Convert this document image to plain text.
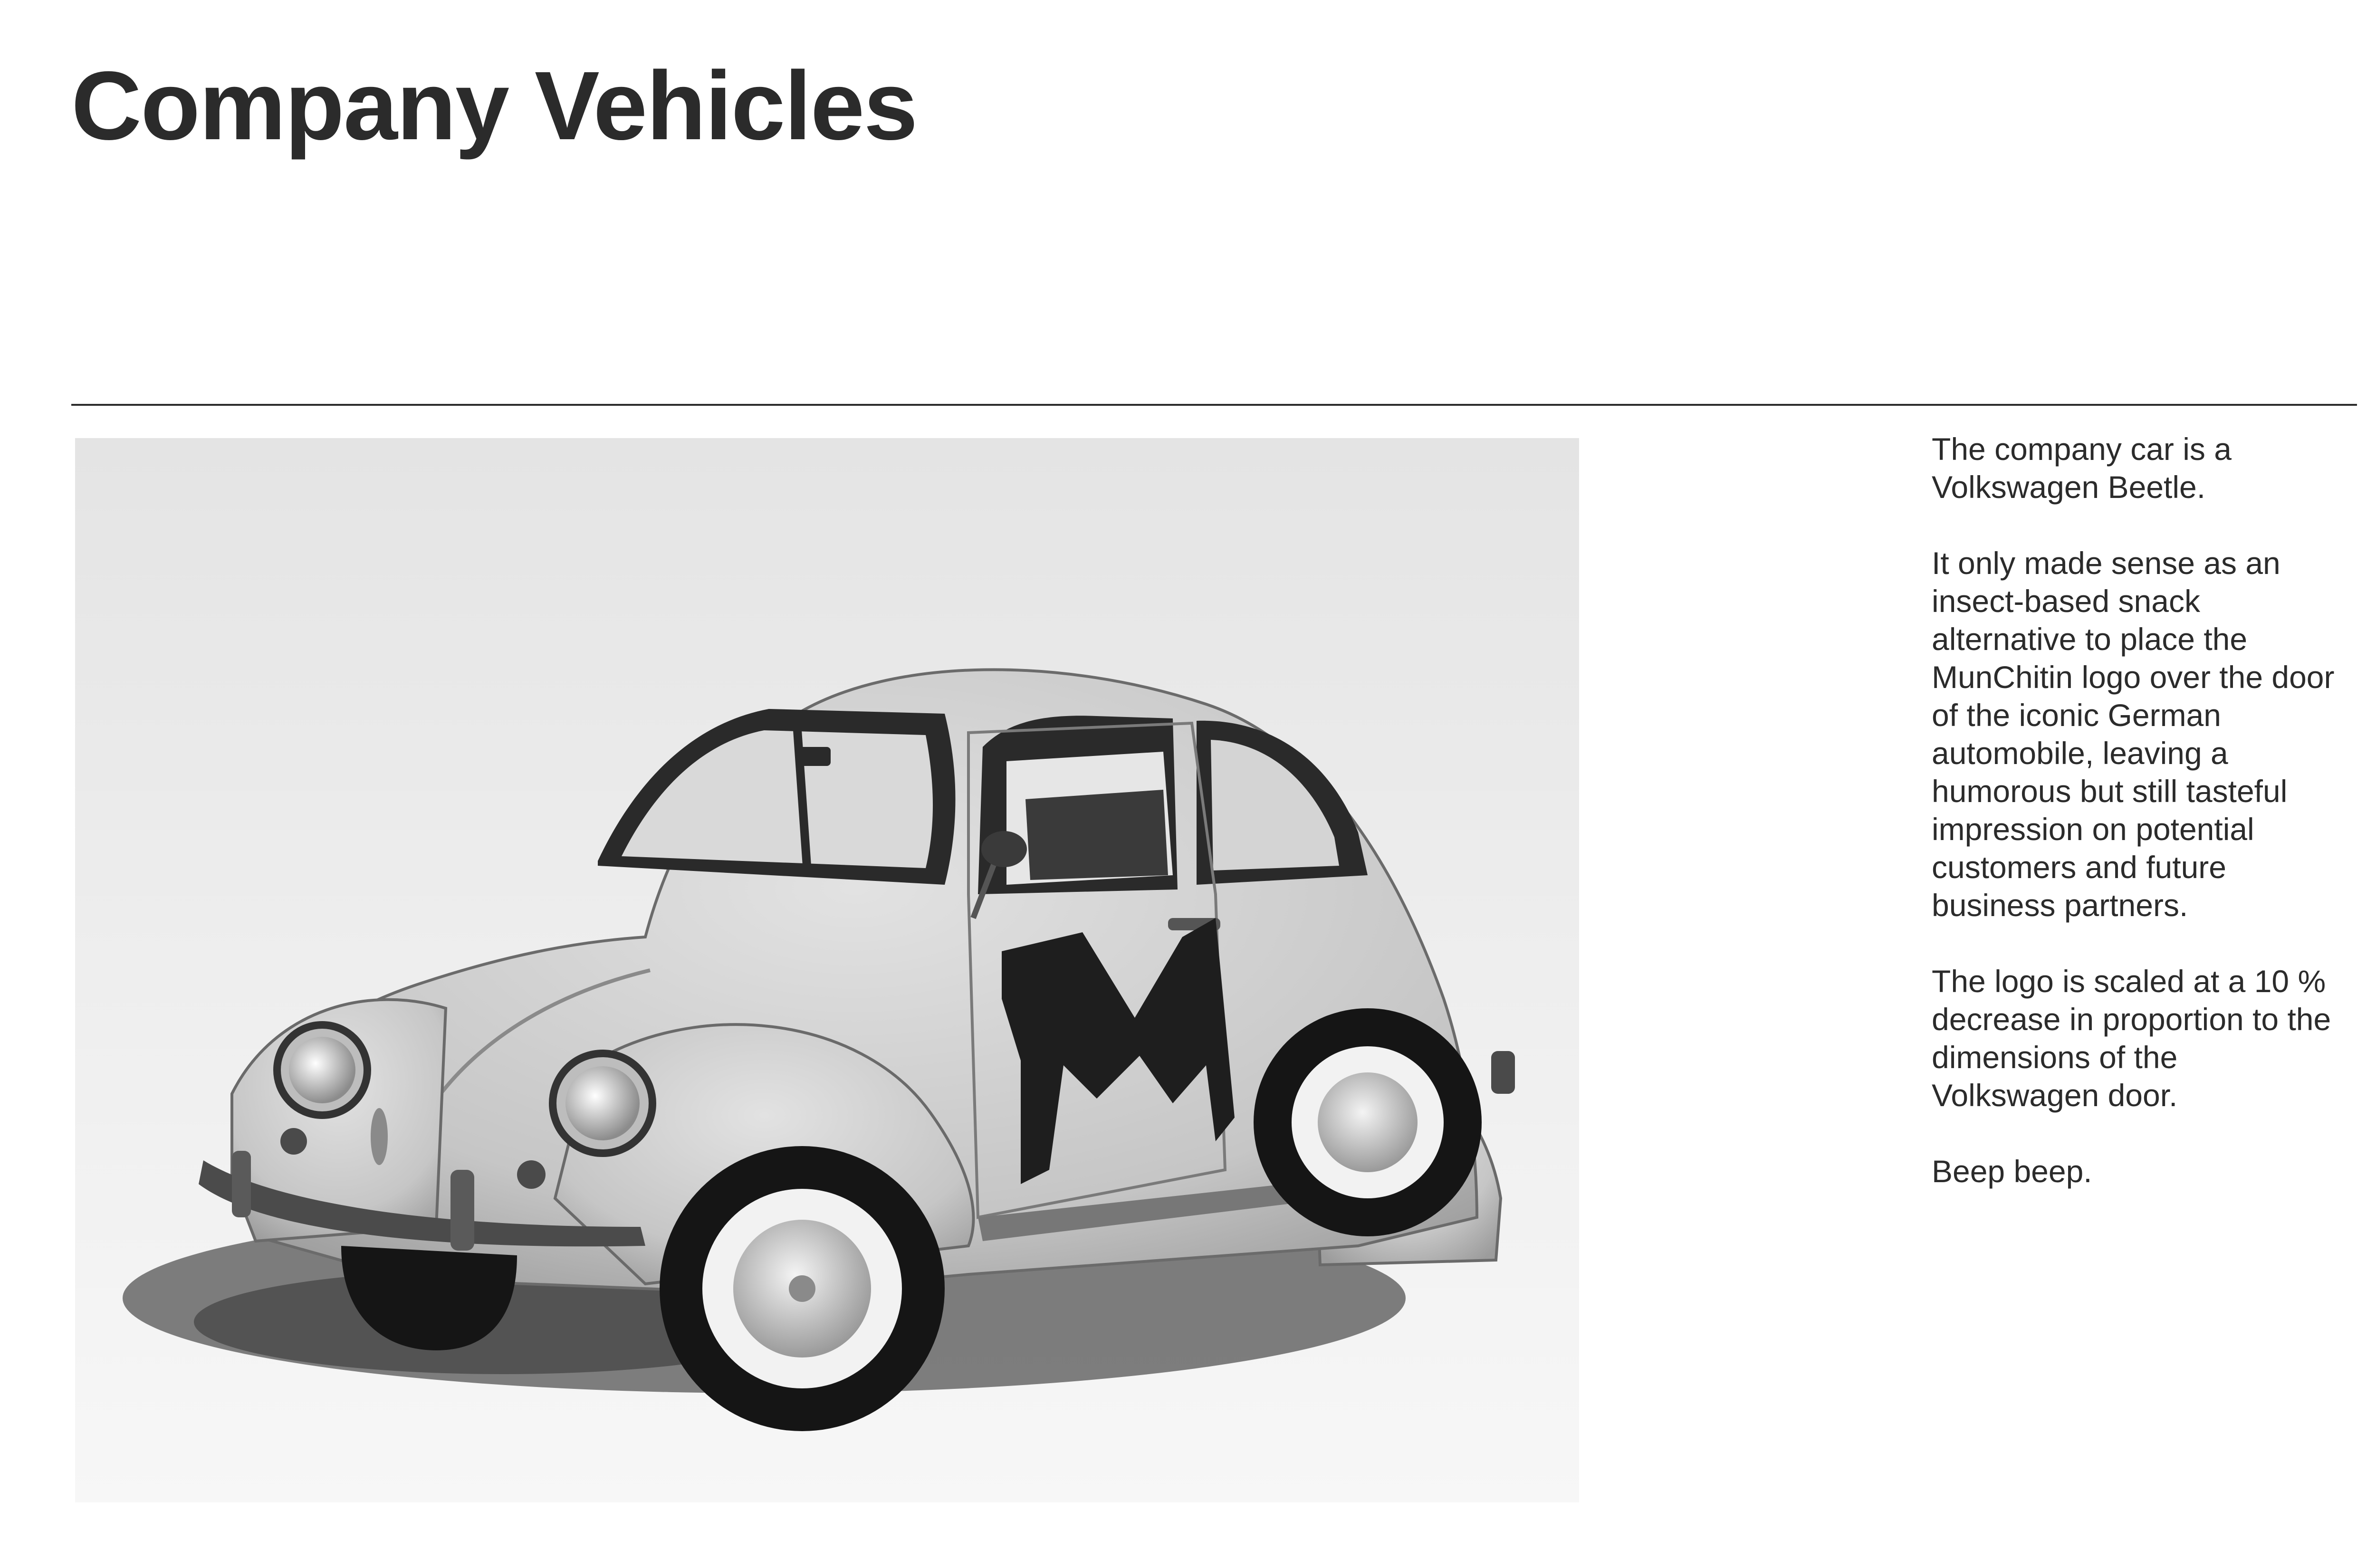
Company Vehicles

The company car is a Volkswagen Beetle.

It only made sense as an insect-based snack alternative to place the MunChitin logo over the door of the iconic German automobile, leaving a humorous but still tasteful impression on potential customers and future business partners.

The logo is scaled at a 10 % decrease in proportion to the dimensions of the Volkswagen door.

Beep beep.
